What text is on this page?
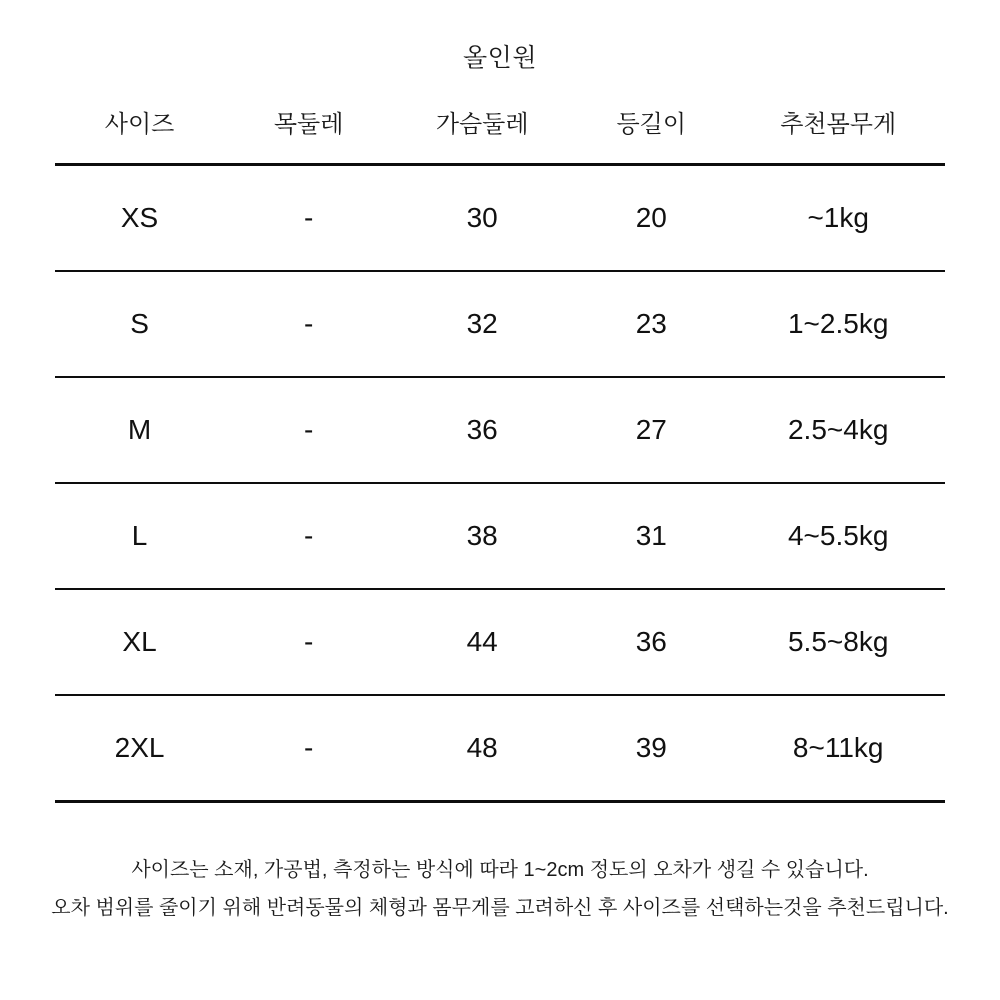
올인원
사이즈	목둘레	가슴둘레	등길이	추천몸무게
XS	-	30	20	~1kg
S	-	32	23	1~2.5kg
M	-	36	27	2.5~4kg
L	-	38	31	4~5.5kg
XL	-	44	36	5.5~8kg
2XL	-	48	39	8~11kg
사이즈는 소재, 가공법, 측정하는 방식에 따라 1~2cm 정도의 오차가 생길 수 있습니다.
오차 범위를 줄이기 위해 반려동물의 체형과 몸무게를 고려하신 후 사이즈를 선택하는것을 추천드립니다.
